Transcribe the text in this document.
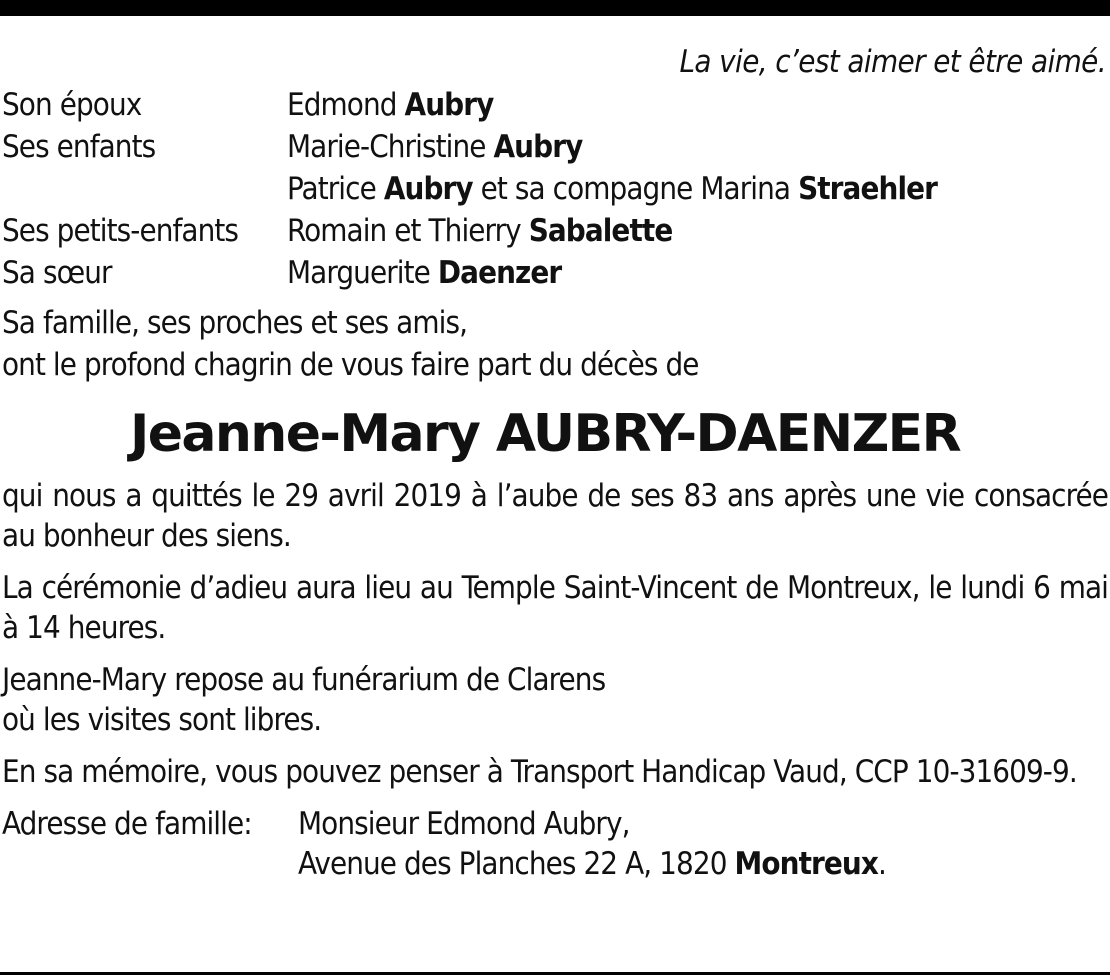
La vie, c’est aimer et être aimé.

Son époux	Edmond Aubry
Ses enfants	Marie-Christine Aubry
Patrice Aubry et sa compagne Marina Straehler
Ses petits-enfants	Romain et Thierry Sabalette
Sa sœur	Marguerite Daenzer
Sa famille, ses proches et ses amis,
ont le profond chagrin de vous faire part du décès de
Jeanne-Mary AUBRY-DAENZER

qui nous a quittés le 29 avril 2019 à l’aube de ses 83 ans après une vie consacrée au bonheur des siens.

La cérémonie d’adieu aura lieu au Temple Saint-Vincent de Montreux, le lundi 6 mai à 14 heures.

Jeanne-Mary repose au funérarium de Clarens
où les visites sont libres.

En sa mémoire, vous pouvez penser à Transport Handicap Vaud, CCP 10-31609-9.

Adresse de famille:	Monsieur Edmond Aubry,
Avenue des Planches 22 A, 1820 Montreux.
